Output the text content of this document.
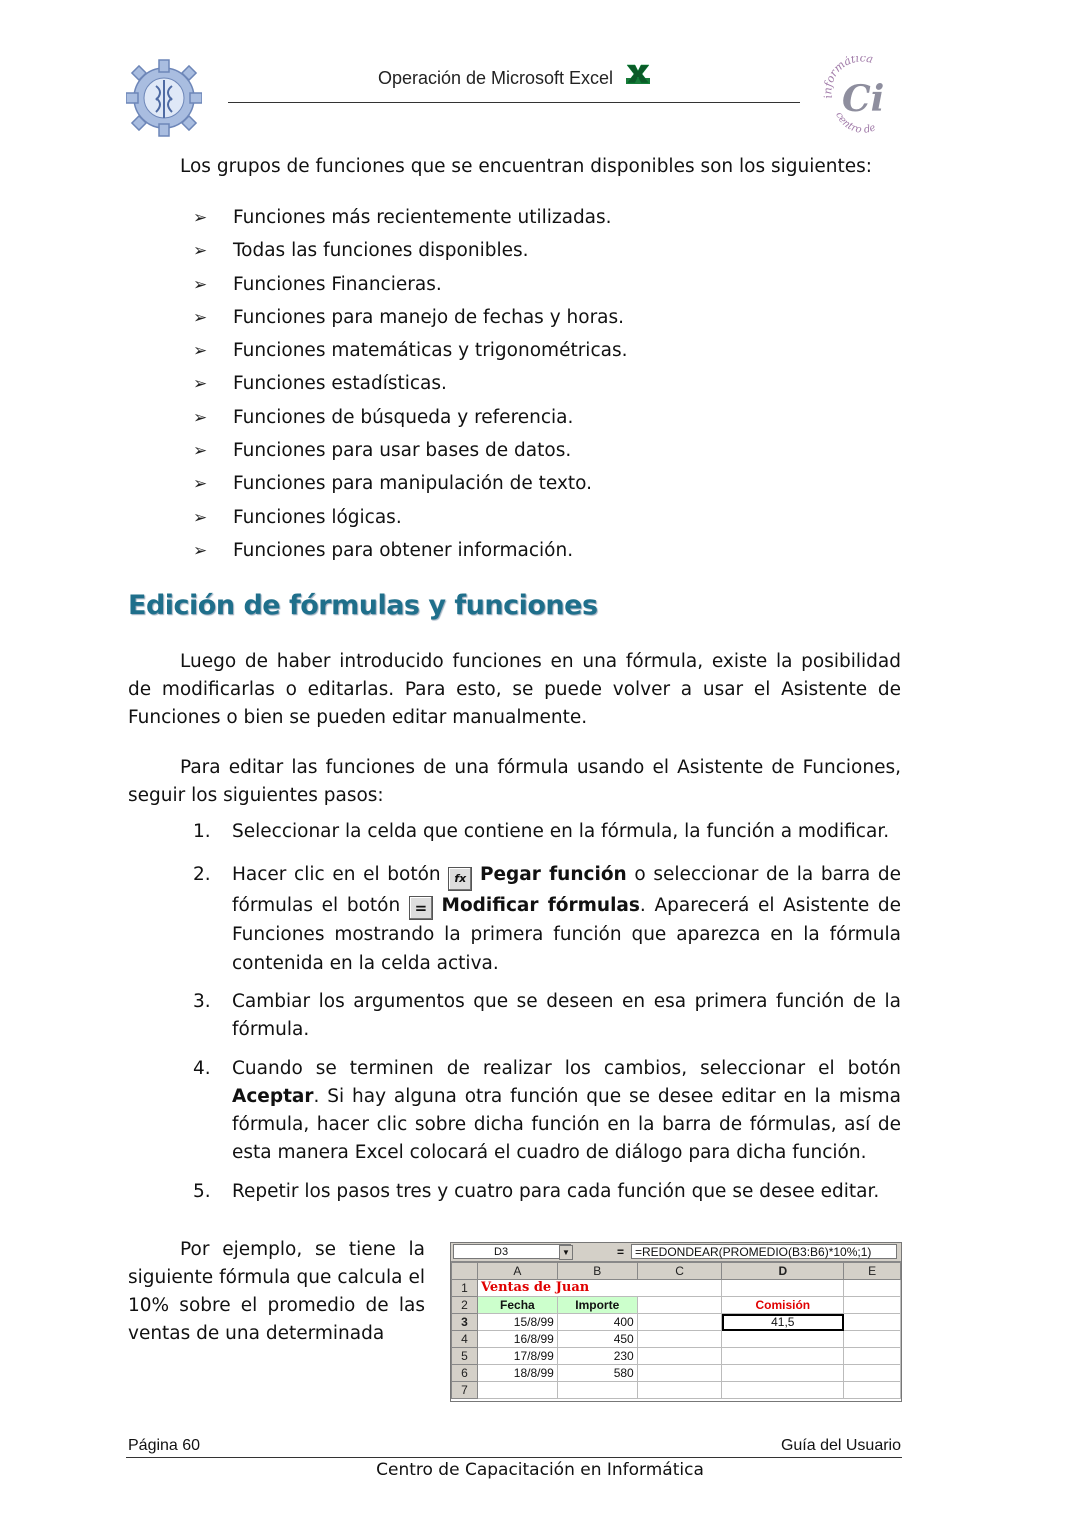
Operación de Microsoft Excel
informática
centro de
Ci
Los grupos de funciones que se encuentran disponibles son los siguientes:
➢ Funciones más recientemente utilizadas.
➢ Todas las funciones disponibles.
➢ Funciones Financieras.
➢ Funciones para manejo de fechas y horas.
➢ Funciones matemáticas y trigonométricas.
➢ Funciones estadísticas.
➢ Funciones de búsqueda y referencia.
➢ Funciones para usar bases de datos.
➢ Funciones para manipulación de texto.
➢ Funciones lógicas.
➢ Funciones para obtener información.
Edición de fórmulas y funciones
Luego de haber introducido funciones en una fórmula, existe la posibilidad de modificarlas o editarlas. Para esto, se puede volver a usar el Asistente de Funciones o bien se pueden editar manualmente.
Para editar las funciones de una fórmula usando el Asistente de Funciones, seguir los siguientes pasos:
1. Seleccionar la celda que contiene en la fórmula, la función a modificar.
2. Hacer clic en el botón fx Pegar función o seleccionar de la barra de fórmulas el botón = Modificar fórmulas. Aparecerá el Asistente de Funciones mostrando la primera función que aparezca en la fórmula contenida en la celda activa.
3. Cambiar los argumentos que se deseen en esa primera función de la fórmula.
4. Cuando se terminen de realizar los cambios, seleccionar el botón Aceptar. Si hay alguna otra función que se desee editar en la misma fórmula, hacer clic sobre dicha función en la barra de fórmulas, así de esta manera Excel colocará el cuadro de diálogo para dicha función.
5. Repetir los pasos tres y cuatro para cada función que se desee editar.
Por ejemplo, se tiene la siguiente fórmula que calcula el 10% sobre el promedio de las ventas de una determinada
D3	▼	= =REDONDEAR(PROMEDIO(B3:B6)*10%;1)
	A	B	C	D	E
1	Ventas de Juan				
2	Fecha	Importe		Comisión	
3	15/8/99	400		41,5	
4	16/8/99	450			
5	17/8/99	230			
6	18/8/99	580			
7					
Página 60	Guía del Usuario
Centro de Capacitación en Informática
